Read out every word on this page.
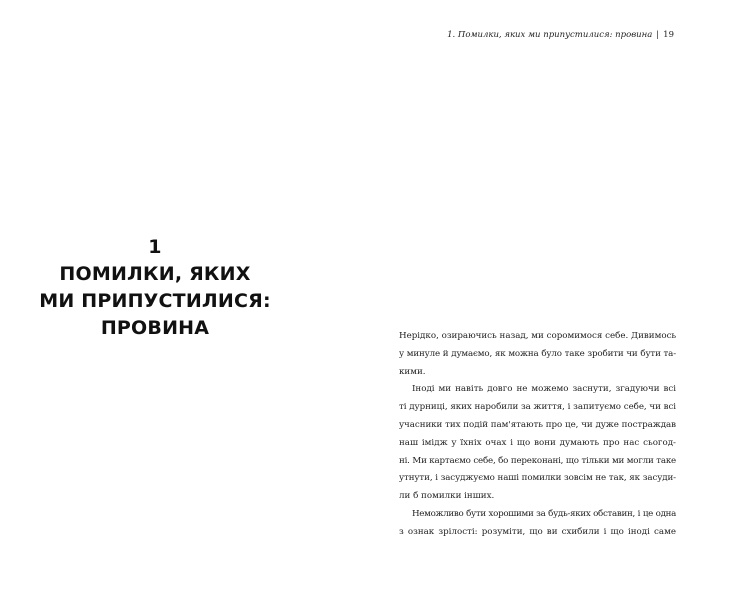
1. Помилки, яких ми припустилися: провина | 19
1
ПОМИЛКИ, ЯКИХ
МИ ПРИПУСТИЛИСЯ:
ПРОВИНА	Нерідко, озираючись назад, ми соромимося себе. Дивимось
у минуле й думаємо, як можна було таке зробити чи бути та-
кими.
Іноді ми навіть довго не можемо заснути, згадуючи всі
ті дурниці, яких наробили за життя, і запитуємо себе, чи всі
учасники тих подій пам'ятають про це, чи дуже постраждав
наш імідж у їхніх очах і що вони думають про нас сьогод-
ні. Ми картаємо себе, бо переконані, що тільки ми могли таке
утнути, і засуджуємо наші помилки зовсім не так, як засуди-
ли б помилки інших.
Неможливо бути хорошими за будь-яких обставин, і це одна
з ознак зрілості: розуміти, що ви схибили і що іноді саме
